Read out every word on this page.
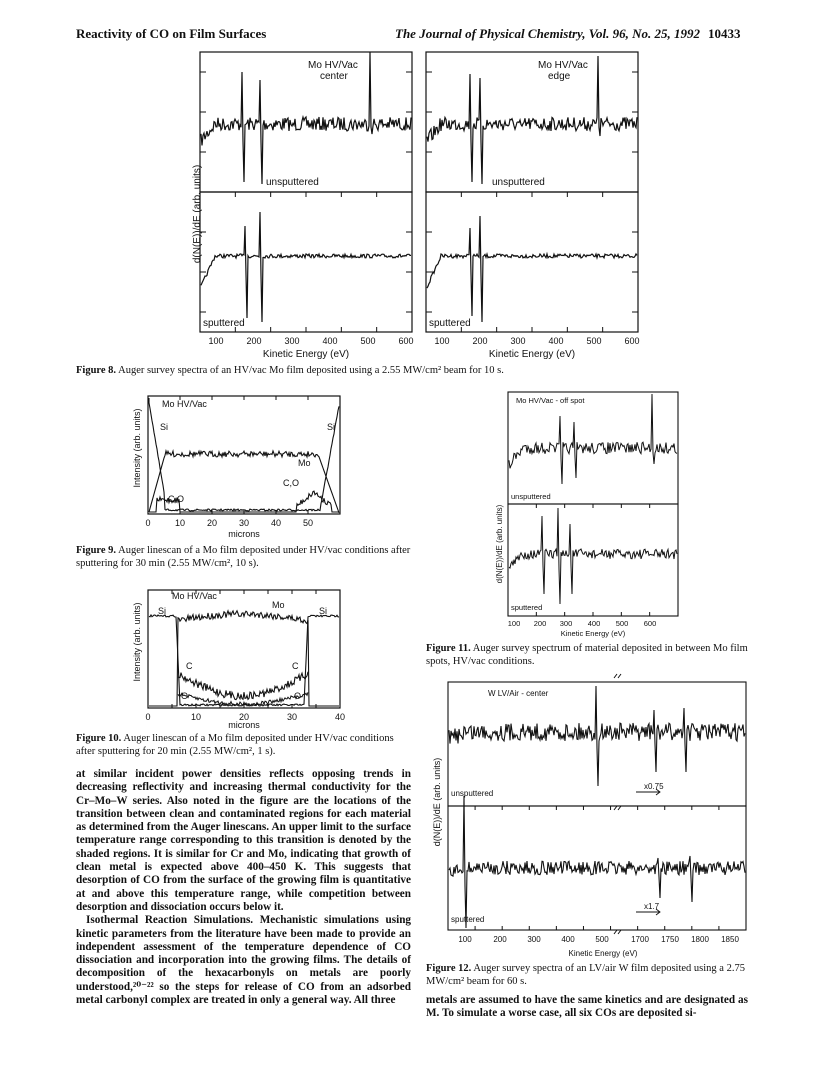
Reactivity of CO on Film Surfaces	The Journal of Physical Chemistry, Vol. 96, No. 25, 1992 10433
d(N(E))/dE (arb. units)
Mo HV/Vac
center
Mo HV/Vac
edge
unsputtered
sputtered
unsputtered
sputtered
100	200	300	400	500	600 100	200	300	400	500	600
Kinetic Energy (eV)	Kinetic Energy (eV)
Figure 8. Auger survey spectra of an HV/vac Mo film deposited using a 2.55 MW/cm² beam for 10 s.
Intensity (arb. units)
Mo HV/Vac
Si	Si
Mo
C,O
C,O
0	10 20 30 40 50
microns
Figure 9. Auger linescan of a Mo film deposited under HV/vac conditions after sputtering for 30 min (2.55 MW/cm², 10 s).
Intensity (arb. units)
Mo HV/Vac
Si	Si
Mo
C	C
O	O
0	10	20	30	40
microns
Figure 10. Auger linescan of a Mo film deposited under HV/vac conditions after sputtering for 20 min (2.55 MW/cm², 1 s).
at similar incident power densities reflects opposing trends in decreasing reflectivity and increasing thermal conductivity for the Cr–Mo–W series. Also noted in the figure are the locations of the transition between clean and contaminated regions for each material as determined from the Auger linescans. An upper limit to the surface temperature range corresponding to this transition is denoted by the shaded regions. It is similar for Cr and Mo, indicating that growth of clean metal is expected above 400–450 K. This suggests that desorption of CO from the surface of the growing film is quantitative at and above this temperature range, while competition between desorption and dissociation occurs below it.
Isothermal Reaction Simulations. Mechanistic simulations using kinetic parameters from the literature have been made to provide an independent assessment of the temperature dependence of CO dissociation and incorporation into the growing films. The details of decomposition of the hexacarbonyls on metals are poorly understood,²⁰⁻²² so the steps for release of CO from an adsorbed metal carbonyl complex are treated in only a general way. All three
d(N(E))/dE (arb. units)
Mo HV/Vac - off spot
unsputtered
sputtered
100 200 300 400 500 600
Kinetic Energy (eV)
Figure 11. Auger survey spectrum of material deposited in between Mo film spots, HV/vac conditions.
d(N(E))/dE (arb. units)
W LV/Air - center
unsputtered
sputtered
x0.75
x1.7
100	200	300	400	500	1700 1750 1800 1850
Kinetic Energy (eV)
Figure 12. Auger survey spectra of an LV/air W film deposited using a 2.75 MW/cm² beam for 60 s.
metals are assumed to have the same kinetics and are designated as M. To simulate a worse case, all six COs are deposited si-
